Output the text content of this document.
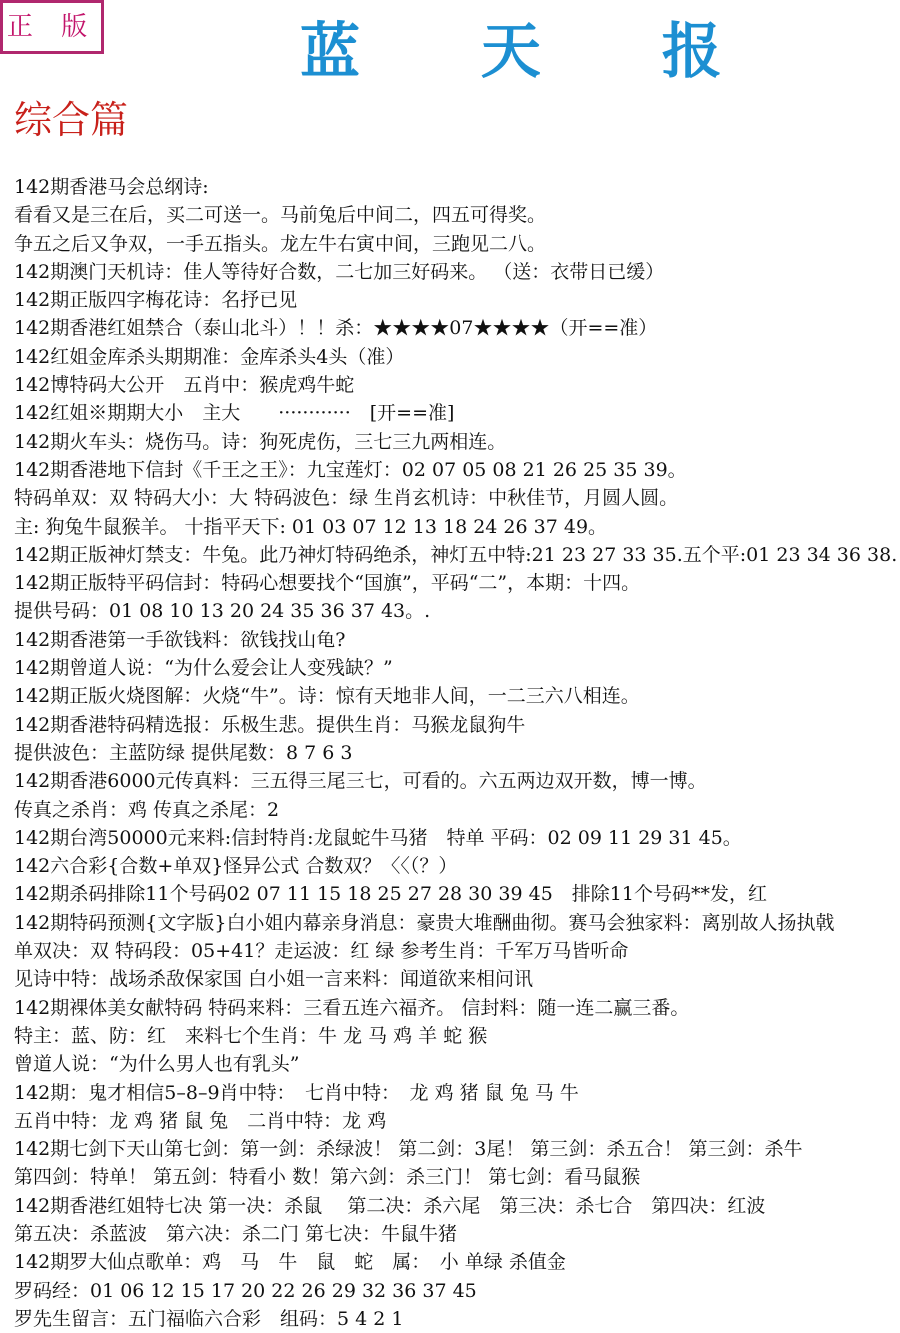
正 版	蓝 天 报
综合篇
142期香港马会总纲诗:
看看又是三在后，买二可送一。马前兔后中间二，四五可得奖。
争五之后又争双，一手五指头。龙左牛右寅中间，三跑见二八。
142期澳门天机诗：佳人等待好合数，二七加三好码来。 （送：衣带日已缓）
142期正版四字梅花诗：名抒已见
142期香港红姐禁合（泰山北斗）！！杀：★★★★07★★★★（开==准）
142红姐金库杀头期期准：金库杀头4头（准）
142博特码大公开　五肖中：猴虎鸡牛蛇
142红姐※期期大小　主大　　············　[开==准]
142期火车头：烧伤马。诗：狗死虎伤，三七三九两相连。
142期香港地下信封《千王之王》：九宝莲灯：02 07 05 08 21 26 25 35 39。
特码单双：双 特码大小：大 特码波色：绿 生肖玄机诗：中秋佳节，月圆人圆。
主: 狗兔牛鼠猴羊。 十指平天下: 01 03 07 12 13 18 24 26 37 49。
142期正版神灯禁支：牛兔。此乃神灯特码绝杀，神灯五中特:21 23 27 33 35.五个平:01 23 34 36 38.
142期正版特平码信封：特码心想要找个“国旗”，平码“二”，本期：十四。
提供号码：01 08 10 13 20 24 35 36 37 43。.
142期香港第一手欲钱料：欲钱找山龟?
142期曾道人说：“为什么爱会让人变残缺？”
142期正版火烧图解：火烧“牛”。诗：惊有天地非人间，一二三六八相连。
142期香港特码精选报：乐极生悲。提供生肖：马猴龙鼠狗牛
提供波色：主蓝防绿 提供尾数：8 7 6 3
142期香港6000元传真料：三五得三尾三七，可看的。六五两边双开数，博一博。
传真之杀肖：鸡 传真之杀尾：2
142期台湾50000元来料:信封特肖:龙鼠蛇牛马猪　特单 平码：02 09 11 29 31 45。
142六合彩{合数+单双}怪异公式 合数双？〈〈（？）
142期杀码排除11个号码02 07 11 15 18 25 27 28 30 39 45　排除11个号码**发，红
142期特码预测{文字版}白小姐内幕亲身消息：豪贵大堆酬曲彻。赛马会独家料：离别故人扬执戟
单双决：双 特码段：05+41？走运波：红 绿 参考生肖：千军万马皆听命
见诗中特：战场杀敌保家国 白小姐一言来料：闻道欲来相问讯
142期裸体美女献特码 特码来料：三看五连六福齐。 信封料：随一连二赢三番。
特主：蓝、防：红　来料七个生肖：牛 龙 马 鸡 羊 蛇 猴
曾道人说：“为什么男人也有乳头”
142期：鬼才相信5–8–9肖中特：　七肖中特：　龙 鸡 猪 鼠 兔 马 牛
五肖中特：龙 鸡 猪 鼠 兔　二肖中特：龙 鸡
142期七剑下天山第七剑：第一剑：杀绿波！ 第二剑：3尾！ 第三剑：杀五合！ 第三剑：杀牛
第四剑：特单！ 第五剑：特看小 数！第六剑：杀三门！ 第七剑：看马鼠猴
142期香港红姐特七决 第一决：杀鼠　 第二决：杀六尾　第三决：杀七合　第四决：红波
第五决：杀蓝波　第六决：杀二门 第七决：牛鼠牛猪
142期罗大仙点歌单：鸡　马　牛　鼠　蛇　属：　小 单绿 杀值金
罗码经：01 06 12 15 17 20 22 26 29 32 36 37 45
罗先生留言：五门福临六合彩　组码：5 4 2 1
